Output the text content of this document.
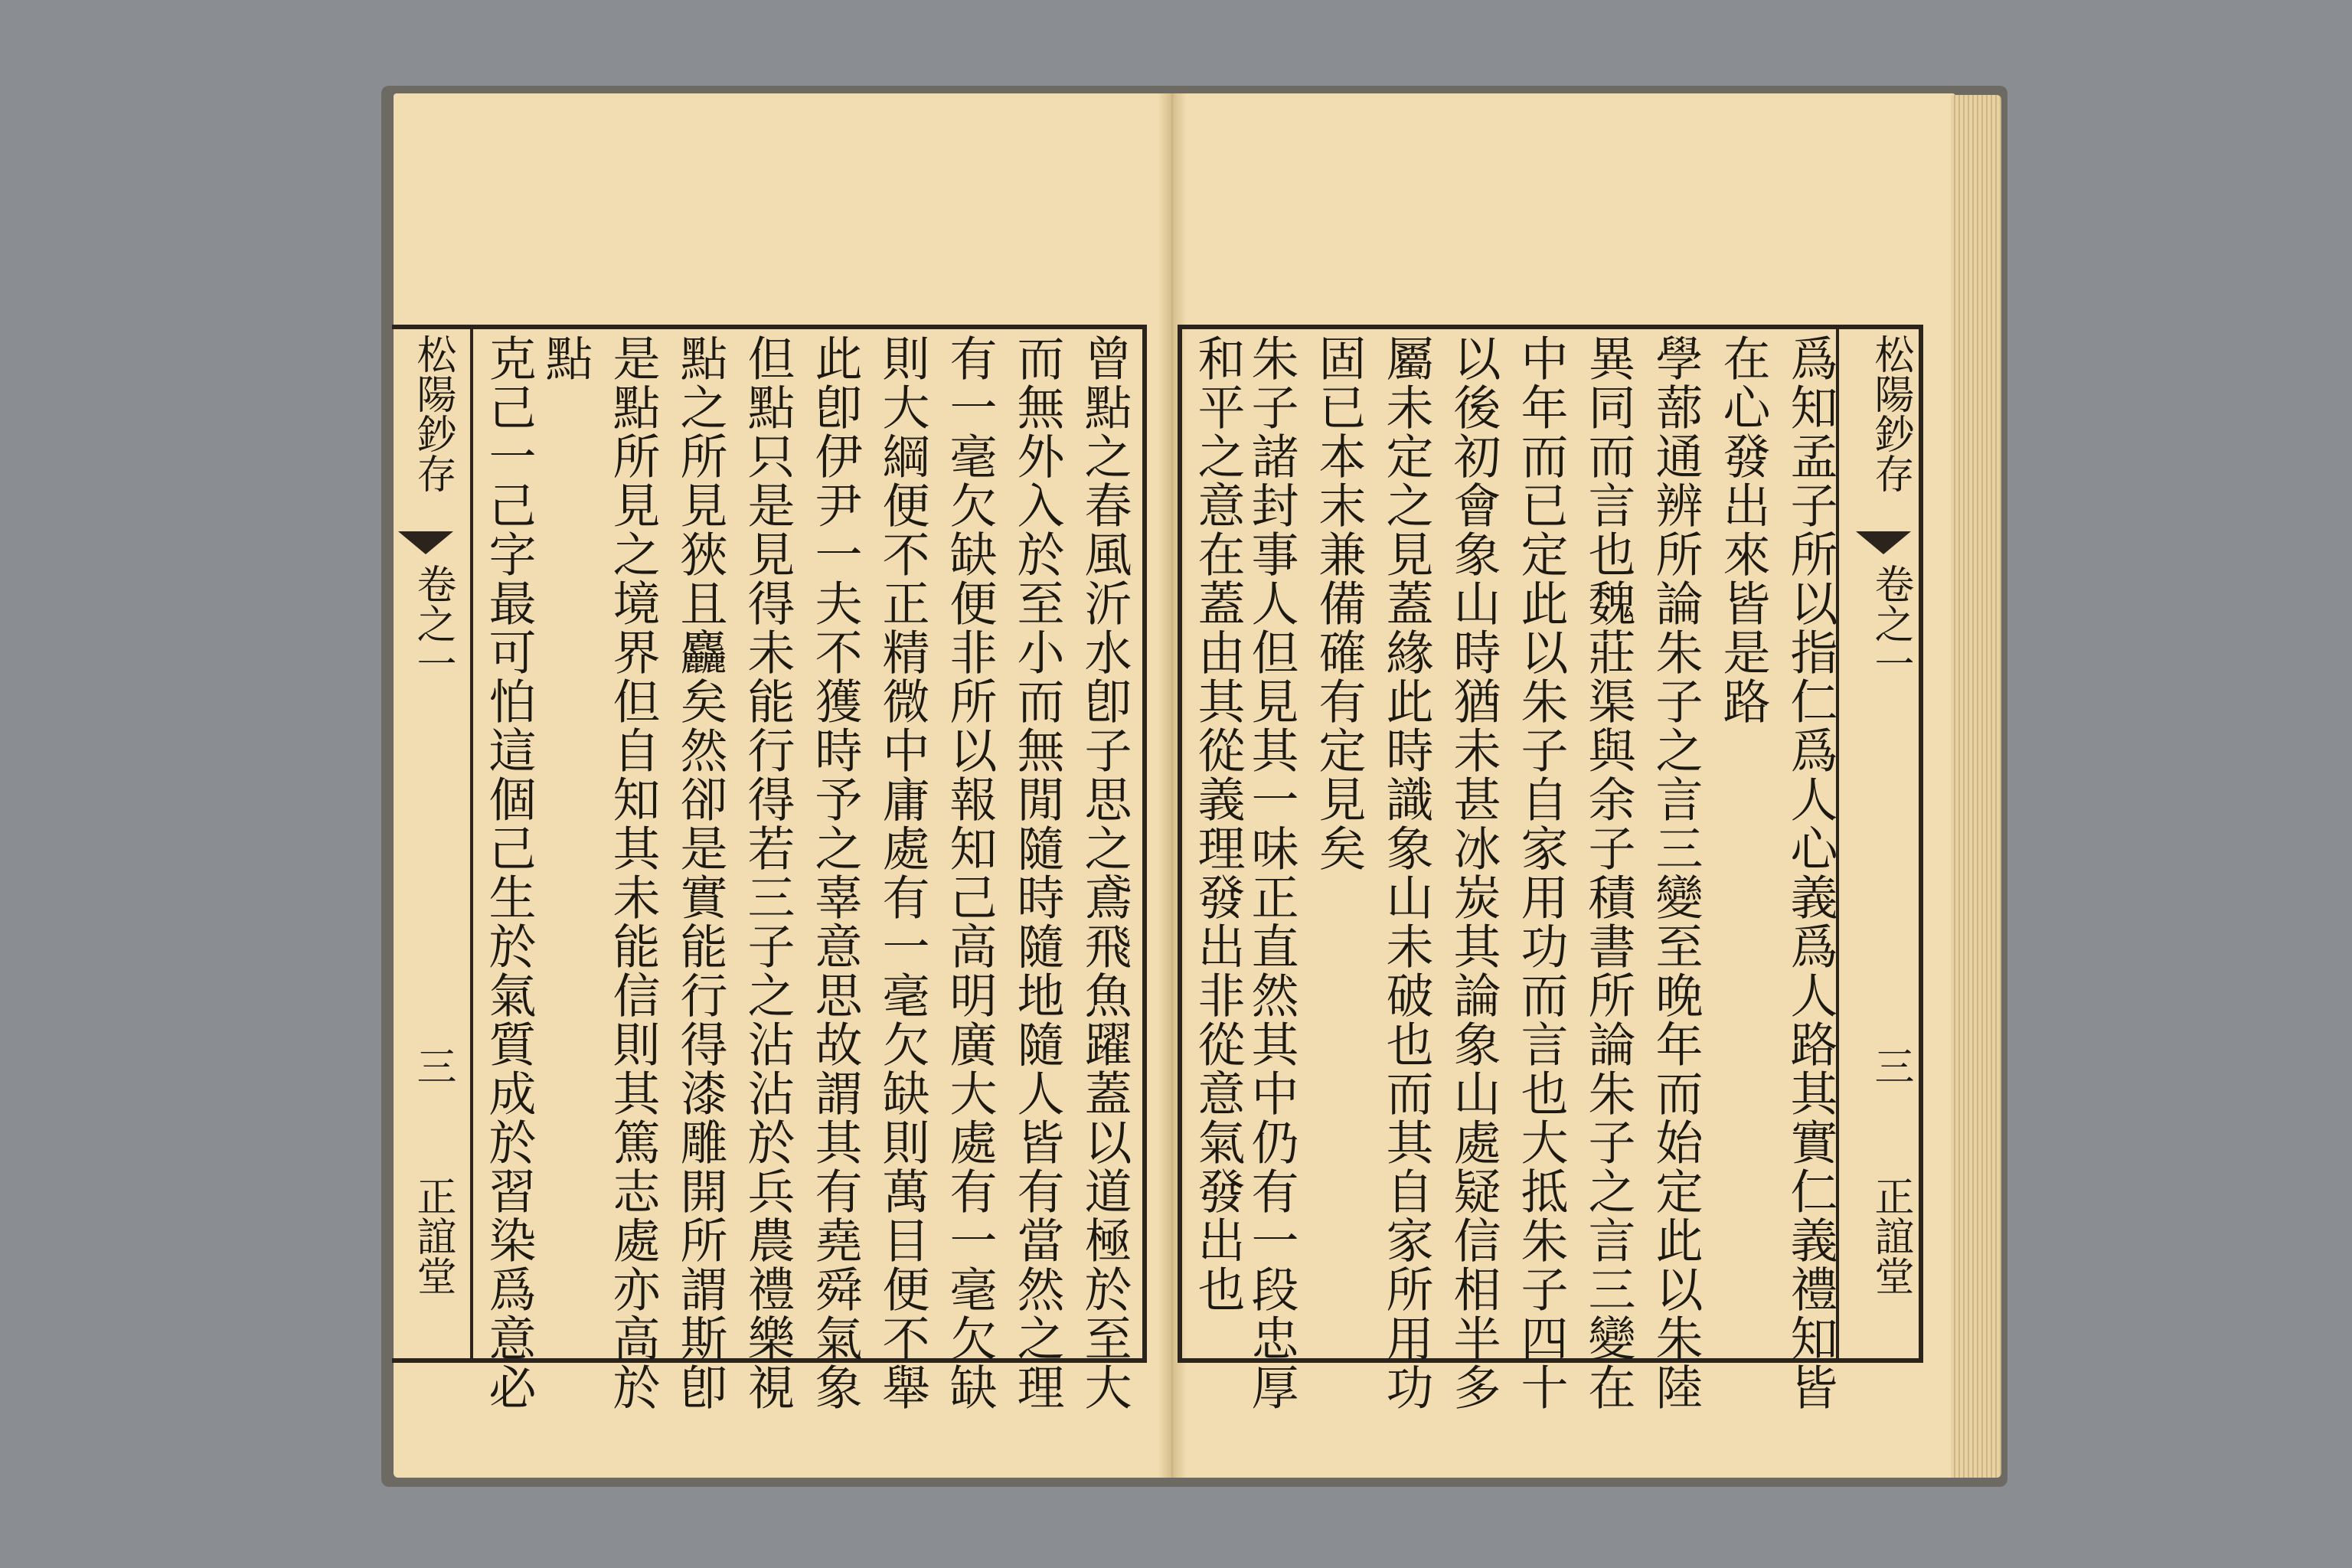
松陽鈔存
卷之一
三
正誼堂	曾點之春風沂水卽子思之鳶飛魚躍蓋以道極於至大
而無外入於至小而無閒隨時隨地隨人皆有當然之理
有一毫欠缺便非所以報知己高明廣大處有一毫欠缺
則大綱便不正精微中庸處有一毫欠缺則萬目便不舉
此卽伊尹一夫不獲時予之辜意思故謂其有堯舜氣象
但點只是見得未能行得若三子之沾沾於兵農禮樂視
點之所見狹且麤矣然卻是實能行得漆雕開所謂斯卽
是點所見之境界但自知其未能信則其篤志處亦高於
點
克己一己字最可怕這個己生於氣質成於習染爲意必	松陽鈔存
卷之一
三
正誼堂
爲知孟子所以指仁爲人心義爲人路其實仁義禮知皆
在心發出來皆是路
學蔀通辨所論朱子之言三變至晚年而始定此以朱陸
異同而言也魏莊渠與余子積書所論朱子之言三變在
中年而已定此以朱子自家用功而言也大抵朱子四十
以後初會象山時猶未甚冰炭其論象山處疑信相半多
屬未定之見蓋緣此時識象山未破也而其自家所用功
固已本末兼備確有定見矣
朱子諸封事人但見其一味正直然其中仍有一段忠厚
和平之意在蓋由其從義理發出非從意氣發出也
